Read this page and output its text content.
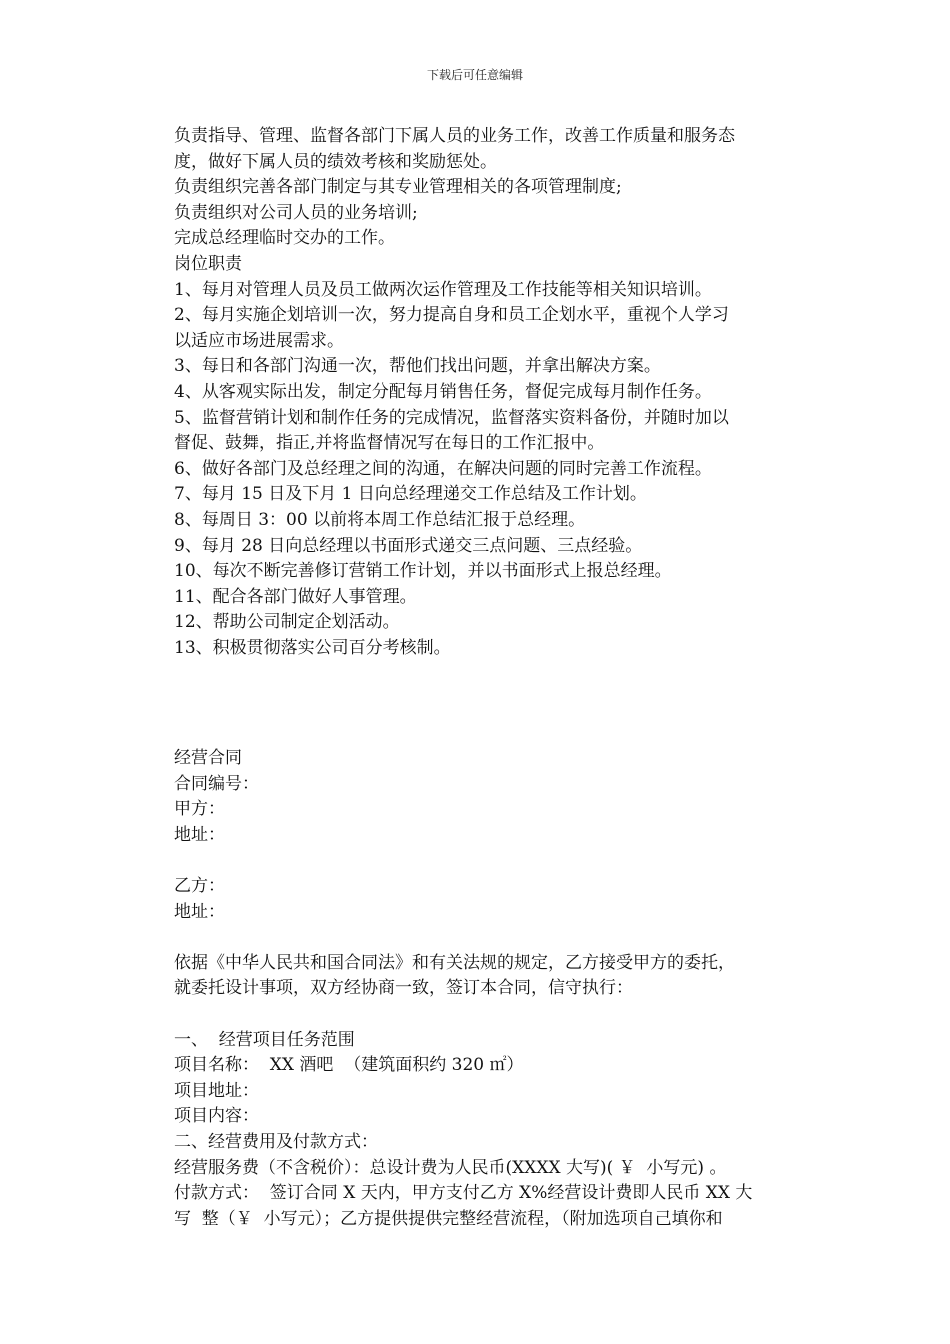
下载后可任意编辑

负责指导、管理、监督各部门下属人员的业务工作，改善工作质量和服务态

度，做好下属人员的绩效考核和奖励惩处。

负责组织完善各部门制定与其专业管理相关的各项管理制度;

负责组织对公司人员的业务培训;

完成总经理临时交办的工作。

岗位职责

1、每月对管理人员及员工做两次运作管理及工作技能等相关知识培训。

2、每月实施企划培训一次，努力提高自身和员工企划水平，重视个人学习

以适应市场进展需求。

3、每日和各部门沟通一次，帮他们找出问题，并拿出解决方案。

4、从客观实际出发，制定分配每月销售任务，督促完成每月制作任务。

5、监督营销计划和制作任务的完成情况，监督落实资料备份，并随时加以

督促、鼓舞，指正,并将监督情况写在每日的工作汇报中。

6、做好各部门及总经理之间的沟通，在解决问题的同时完善工作流程。

7、每月 15 日及下月 1 日向总经理递交工作总结及工作计划。

8、每周日 3：00 以前将本周工作总结汇报于总经理。

9、每月 28 日向总经理以书面形式递交三点问题、三点经验。

10、每次不断完善修订营销工作计划，并以书面形式上报总经理。

11、配合各部门做好人事管理。

12、帮助公司制定企划活动。

13、积极贯彻落实公司百分考核制。

经营合同

合同编号：

甲方：

地址：

乙方：

地址：

依据《中华人民共和国合同法》和有关法规的规定，乙方接受甲方的委托，

就委托设计事项，双方经协商一致，签订本合同，信守执行：

一、  经营项目任务范围

项目名称：  XX 酒吧  （建筑面积约 320 ㎡）

项目地址：

项目内容：

二、经营费用及付款方式：

经营服务费（不含税价）：总设计费为人民币(XXXX 大写)( ￥  小写元) 。

付款方式：  签订合同 X 天内，甲方支付乙方 X%经营设计费即人民币 XX 大

写  整（￥  小写元）；乙方提供提供完整经营流程，（附加选项自己填你和
